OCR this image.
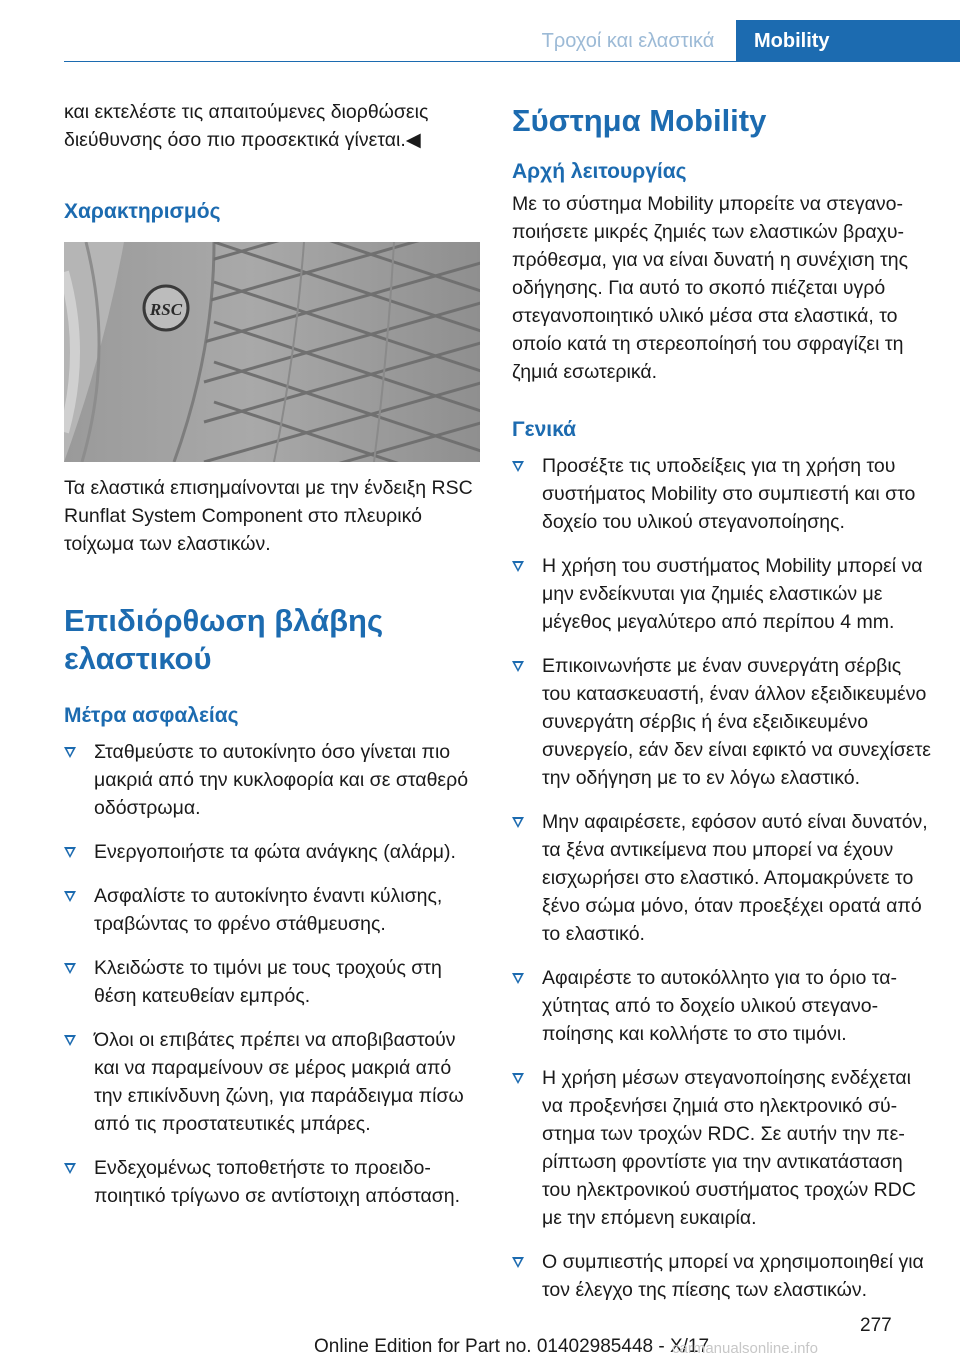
Τροχοί και ελαστικά	Mobility

και εκτελέστε τις απαιτούμενες διορθώσεις διεύθυνσης όσο πιο προσεκτικά γίνεται.◀

Χαρακτηρισμός
RSC

Τα ελαστικά επισημαίνονται με την ένδειξη RSC Runflat System Component στο πλευρικό τοίχωμα των ελαστικών.

Επιδιόρθωση βλάβης ελαστικού
Μέτρα ασφαλείας
Σταθμεύστε το αυτοκίνητο όσο γίνεται πιο μακριά από την κυκλοφορία και σε σταθερό οδόστρωμα.
Ενεργοποιήστε τα φώτα ανάγκης (αλάρμ).
Ασφαλίστε το αυτοκίνητο έναντι κύλισης, τραβώντας το φρένο στάθμευσης.
Κλειδώστε το τιμόνι με τους τροχούς στη θέση κατευθείαν εμπρός.
Όλοι οι επιβάτες πρέπει να αποβιβαστούν και να παραμείνουν σε μέρος μακριά από την επικίνδυνη ζώνη, για παράδειγμα πίσω από τις προστατευτικές μπάρες.
Ενδεχομένως τοποθετήστε το προειδοποιητικό τρίγωνο σε αντίστοιχη απόσταση.
Σύστημα Mobility
Αρχή λειτουργίας

Με το σύστημα Mobility μπορείτε να στεγανοποιήσετε μικρές ζημιές των ελαστικών βραχυπρόθεσμα, για να είναι δυνατή η συνέχιση της οδήγησης. Για αυτό το σκοπό πιέζεται υγρό στεγανοποιητικό υλικό μέσα στα ελαστικά, το οποίο κατά τη στερεοποίησή του σφραγίζει τη ζημιά εσωτερικά.

Γενικά
Προσέξτε τις υποδείξεις για τη χρήση του συστήματος Mobility στο συμπιεστή και στο δοχείο του υλικού στεγανοποίησης.
Η χρήση του συστήματος Mobility μπορεί να μην ενδείκνυται για ζημιές ελαστικών με μέγεθος μεγαλύτερο από περίπου 4 mm.
Επικοινωνήστε με έναν συνεργάτη σέρβις του κατασκευαστή, έναν άλλον εξειδικευμένο συνεργάτη σέρβις ή ένα εξειδικευμένο συνεργείο, εάν δεν είναι εφικτό να συνεχίσετε την οδήγηση με το εν λόγω ελαστικό.
Μην αφαιρέσετε, εφόσον αυτό είναι δυνατόν, τα ξένα αντικείμενα που μπορεί να έχουν εισχωρήσει στο ελαστικό. Απομακρύνετε το ξένο σώμα μόνο, όταν προεξέχει ορατά από το ελαστικό.
Αφαιρέστε το αυτοκόλλητο για το όριο ταχύτητας από το δοχείο υλικού στεγανοποίησης και κολλήστε το στο τιμόνι.
Η χρήση μέσων στεγανοποίησης ενδέχεται να προξενήσει ζημιά στο ηλεκτρονικό σύστημα των τροχών RDC. Σε αυτήν την περίπτωση φροντίστε για την αντικατάσταση του ηλεκτρονικού συστήματος τροχών RDC με την επόμενη ευκαιρία.
Ο συμπιεστής μπορεί να χρησιμοποιηθεί για τον έλεγχο της πίεσης των ελαστικών.
277
Online Edition for Part no. 01402985448 - X/17
carmanualsonline.info
